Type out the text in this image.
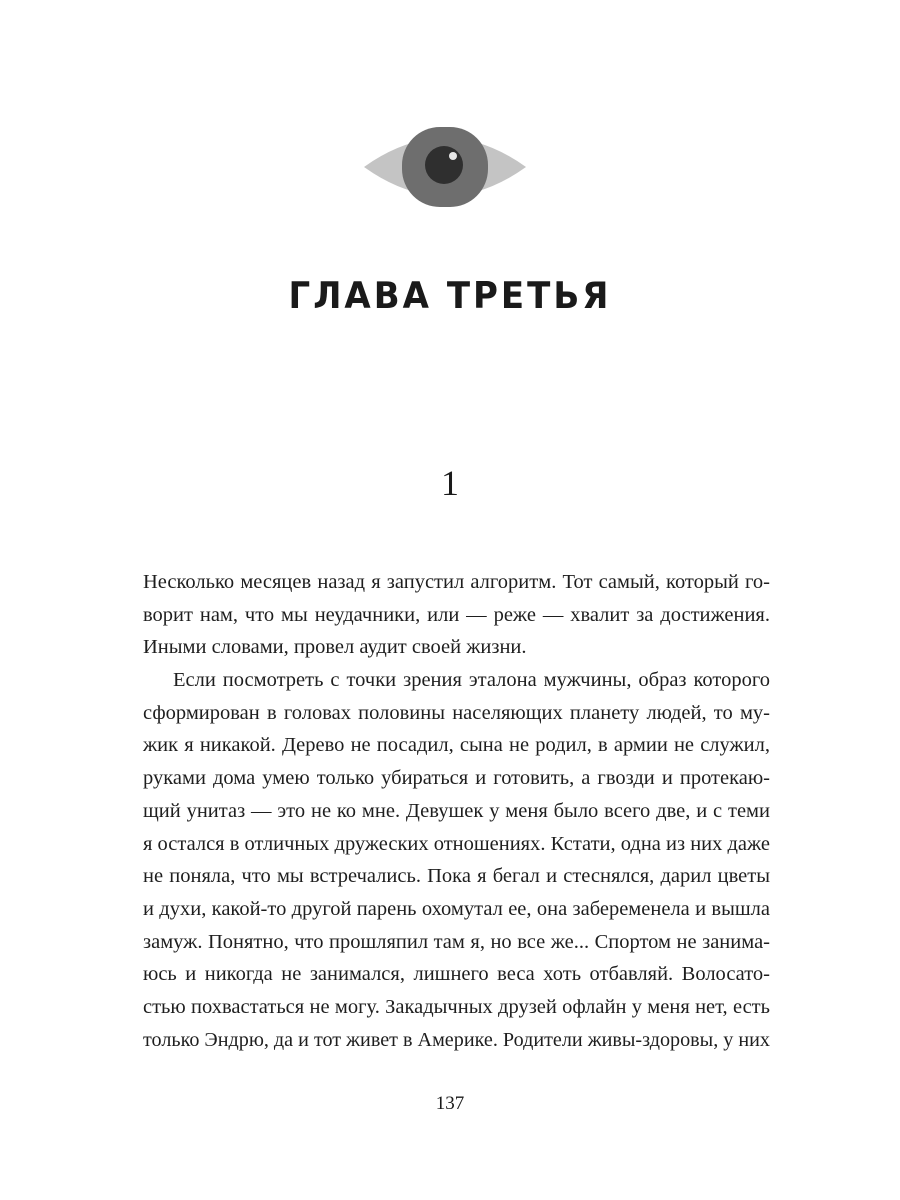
ГЛАВА ТРЕТЬЯ
1
Несколько месяцев назад я запустил алгоритм. Тот самый, который го-
ворит нам, что мы неудачники, или — реже — хвалит за достижения.
Иными словами, провел аудит своей жизни.
Если посмотреть с точки зрения эталона мужчины, образ которого
сформирован в головах половины населяющих планету людей, то му-
жик я никакой. Дерево не посадил, сына не родил, в армии не служил,
руками дома умею только убираться и готовить, а гвозди и протекаю-
щий унитаз — это не ко мне. Девушек у меня было всего две, и с теми
я остался в отличных дружеских отношениях. Кстати, одна из них даже
не поняла, что мы встречались. Пока я бегал и стеснялся, дарил цветы
и духи, какой-то другой парень охомутал ее, она забеременела и вышла
замуж. Понятно, что прошляпил там я, но все же... Спортом не занима-
юсь и никогда не занимался, лишнего веса хоть отбавляй. Волосато-
стью похвастаться не могу. Закадычных друзей офлайн у меня нет, есть
только Эндрю, да и тот живет в Америке. Родители живы-здоровы, у них
137
